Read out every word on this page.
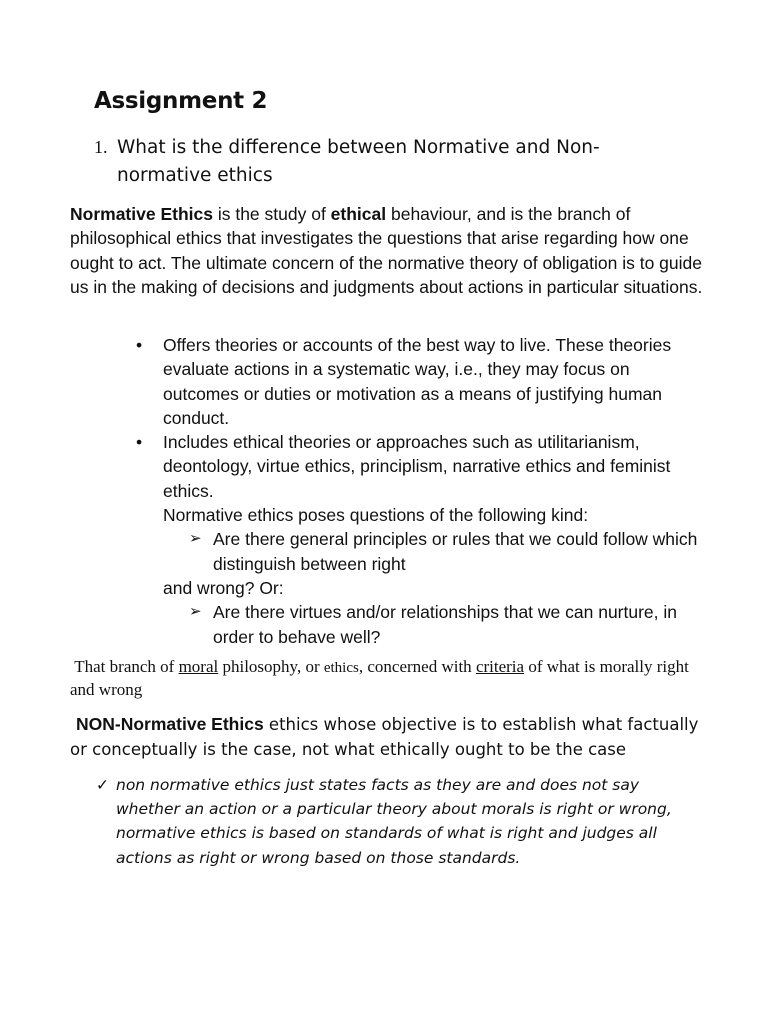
Assignment 2
1. What is the difference between Normative and Non-normative ethics

Normative Ethics is the study of ethical behaviour, and is the branch of philosophical ethics that investigates the questions that arise regarding how one ought to act. The ultimate concern of the normative theory of obligation is to guide us in the making of decisions and judgments about actions in particular situations.

• Offers theories or accounts of the best way to live. These theories evaluate actions in a systematic way, i.e., they may focus on outcomes or duties or motivation as a means of justifying human conduct.
• Includes ethical theories or approaches such as utilitarianism, deontology, virtue ethics, principlism, narrative ethics and feminist ethics.
Normative ethics poses questions of the following kind:
➢ Are there general principles or rules that we could follow which distinguish between right
and wrong? Or:
➢ Are there virtues and/or relationships that we can nurture, in order to behave well?

That branch of moral philosophy, or ethics, concerned with criteria of what is morally right and wrong

NON-Normative Ethics ethics whose objective is to establish what factually or conceptually is the case, not what ethically ought to be the case

✓ non normative ethics just states facts as they are and does not say whether an action or a particular theory about morals is right or wrong, normative ethics is based on standards of what is right and judges all actions as right or wrong based on those standards.
